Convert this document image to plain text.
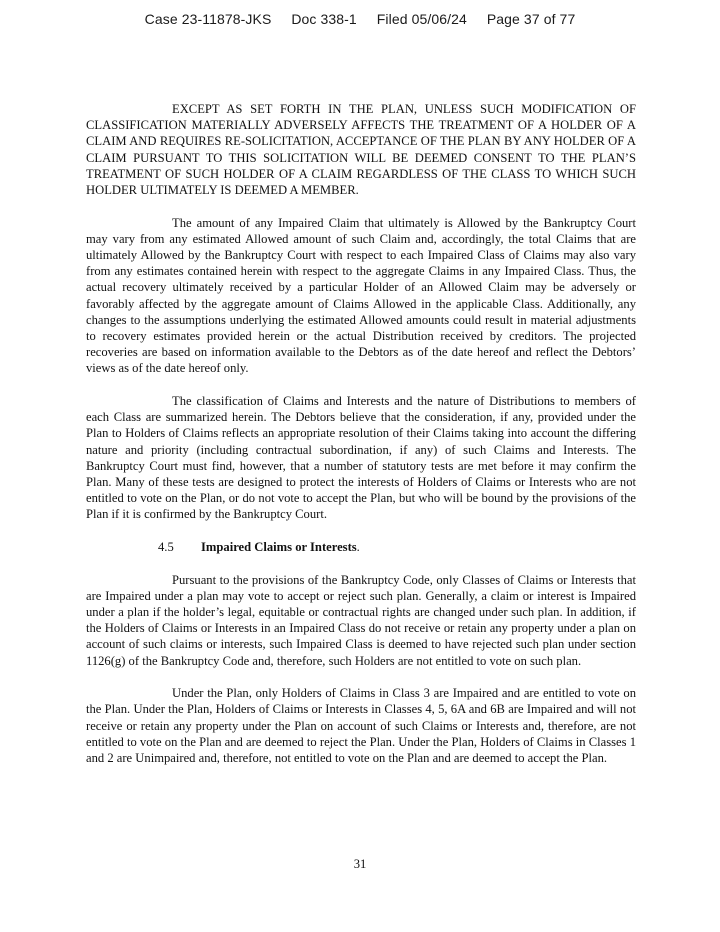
Case 23-11878-JKS     Doc 338-1     Filed 05/06/24     Page 37 of 77

EXCEPT AS SET FORTH IN THE PLAN, UNLESS SUCH MODIFICATION OF CLASSIFICATION MATERIALLY ADVERSELY AFFECTS THE TREATMENT OF A HOLDER OF A CLAIM AND REQUIRES RE-SOLICITATION, ACCEPTANCE OF THE PLAN BY ANY HOLDER OF A CLAIM PURSUANT TO THIS SOLICITATION WILL BE DEEMED CONSENT TO THE PLAN’S TREATMENT OF SUCH HOLDER OF A CLAIM REGARDLESS OF THE CLASS TO WHICH SUCH HOLDER ULTIMATELY IS DEEMED A MEMBER.

The amount of any Impaired Claim that ultimately is Allowed by the Bankruptcy Court may vary from any estimated Allowed amount of such Claim and, accordingly, the total Claims that are ultimately Allowed by the Bankruptcy Court with respect to each Impaired Class of Claims may also vary from any estimates contained herein with respect to the aggregate Claims in any Impaired Class. Thus, the actual recovery ultimately received by a particular Holder of an Allowed Claim may be adversely or favorably affected by the aggregate amount of Claims Allowed in the applicable Class. Additionally, any changes to the assumptions underlying the estimated Allowed amounts could result in material adjustments to recovery estimates provided herein or the actual Distribution received by creditors. The projected recoveries are based on information available to the Debtors as of the date hereof and reflect the Debtors’ views as of the date hereof only.

The classification of Claims and Interests and the nature of Distributions to members of each Class are summarized herein. The Debtors believe that the consideration, if any, provided under the Plan to Holders of Claims reflects an appropriate resolution of their Claims taking into account the differing nature and priority (including contractual subordination, if any) of such Claims and Interests. The Bankruptcy Court must find, however, that a number of statutory tests are met before it may confirm the Plan. Many of these tests are designed to protect the interests of Holders of Claims or Interests who are not entitled to vote on the Plan, or do not vote to accept the Plan, but who will be bound by the provisions of the Plan if it is confirmed by the Bankruptcy Court.

4.5 Impaired Claims or Interests.

Pursuant to the provisions of the Bankruptcy Code, only Classes of Claims or Interests that are Impaired under a plan may vote to accept or reject such plan. Generally, a claim or interest is Impaired under a plan if the holder’s legal, equitable or contractual rights are changed under such plan. In addition, if the Holders of Claims or Interests in an Impaired Class do not receive or retain any property under a plan on account of such claims or interests, such Impaired Class is deemed to have rejected such plan under section 1126(g) of the Bankruptcy Code and, therefore, such Holders are not entitled to vote on such plan.

Under the Plan, only Holders of Claims in Class 3 are Impaired and are entitled to vote on the Plan. Under the Plan, Holders of Claims or Interests in Classes 4, 5, 6A and 6B are Impaired and will not receive or retain any property under the Plan on account of such Claims or Interests and, therefore, are not entitled to vote on the Plan and are deemed to reject the Plan. Under the Plan, Holders of Claims in Classes 1 and 2 are Unimpaired and, therefore, not entitled to vote on the Plan and are deemed to accept the Plan.

31
